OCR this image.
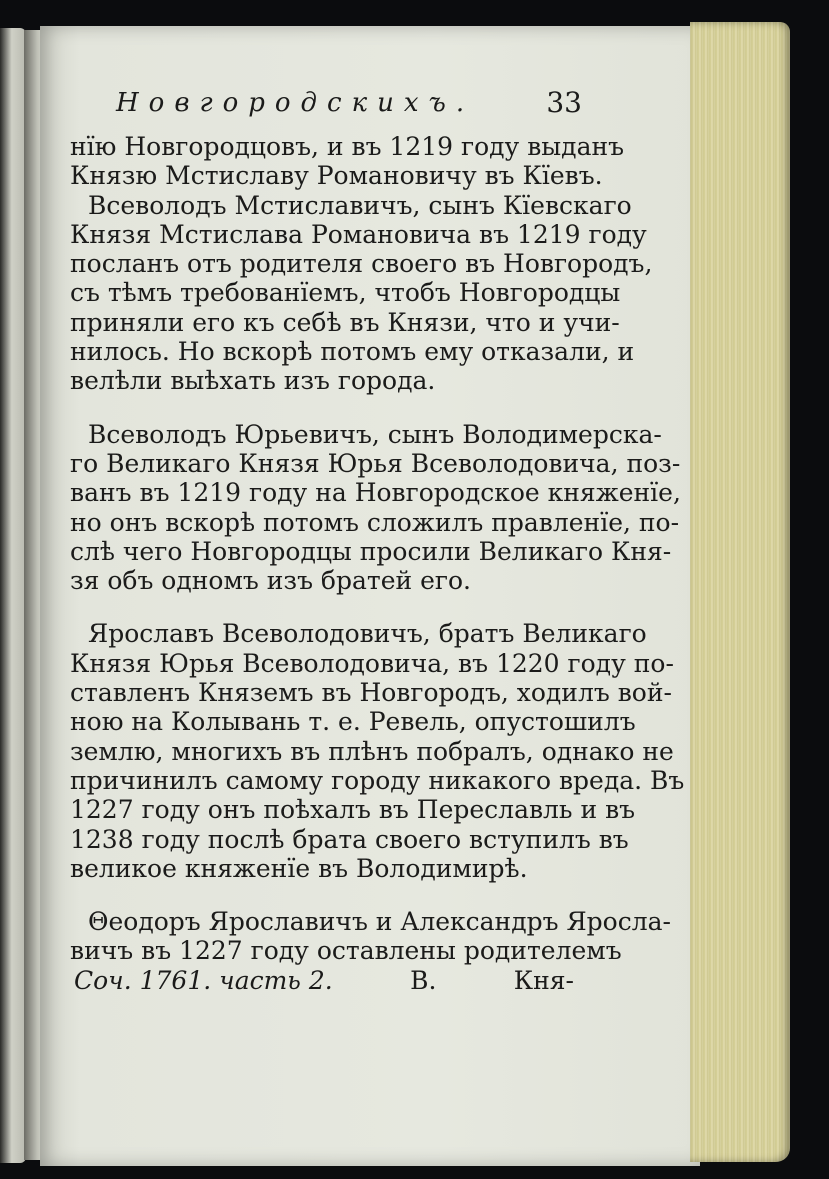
Новгородскихъ.	33
нїю Новгородцовъ, и въ 1219 году выданъ
Князю Мстиславу Романовичу въ Кїевъ.
Всеволодъ Мстиславичъ, сынъ Кїевскаго
Князя Мстислава Романовича въ 1219 году
посланъ отъ родителя своего въ Новгородъ,
съ тѣмъ требованїемъ, чтобъ Новгородцы
приняли его къ себѣ въ Князи, что и учи-
нилось. Но вскорѣ потомъ ему отказали, и
велѣли выѣхать изъ города.
Всеволодъ Юрьевичъ, сынъ Володимерска-
го Великаго Князя Юрья Всеволодовича, поз-
ванъ въ 1219 году на Новгородское княженїе,
но онъ вскорѣ потомъ сложилъ правленїе, по-
слѣ чего Новгородцы просили Великаго Кня-
зя объ одномъ изъ братей его.
Ярославъ Всеволодовичъ, братъ Великаго
Князя Юрья Всеволодовича, въ 1220 году по-
ставленъ Княземъ въ Новгородъ, ходилъ вой-
ною на Колывань т. е. Ревель, опустошилъ
землю, многихъ въ плѣнъ побралъ, однако не
причинилъ самому городу никакого вреда. Въ
1227 году онъ поѣхалъ въ Переславль и въ
1238 году послѣ брата своего вступилъ въ
великое княженїе въ Володимирѣ.
Θеодоръ Ярославичъ и Александръ Яросла-
вичъ въ 1227 году оставлены родителемъ
Соч. 1761. часть 2.	В.	Кня-
